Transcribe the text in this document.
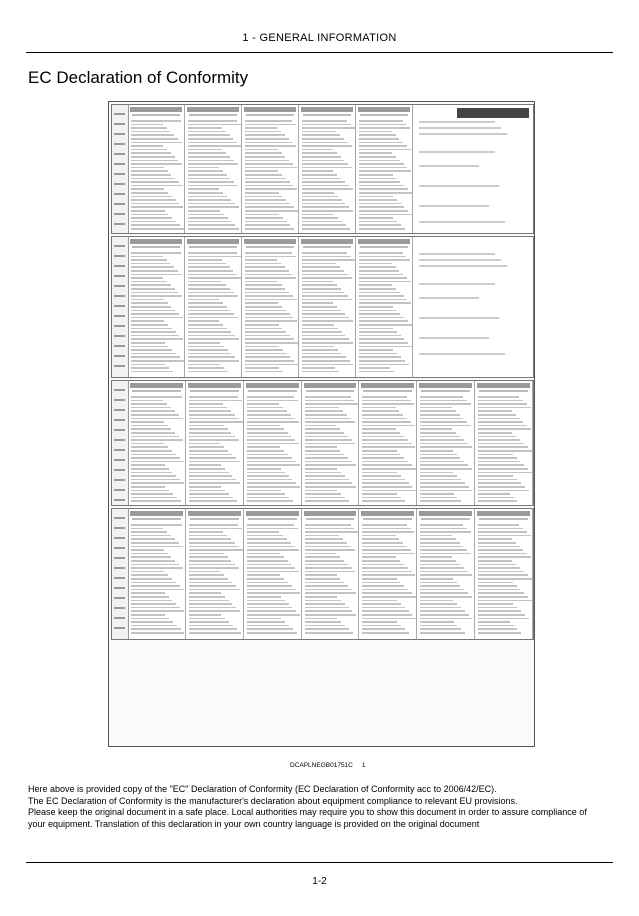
1 - GENERAL INFORMATION
EC Declaration of Conformity
DCAPLNEGB01751C 1

Here above is provided copy of the "EC" Declaration of Conformity (EC Declaration of Conformity acc to 2006/42/EC).

The EC Declaration of Conformity is the manufacturer's declaration about equipment compliance to relevant EU provisions.

Please keep the original document in a safe place. Local authorities may require you to show this document in order to assure compliance of your equipment. Translation of this declaration in your own country language is provided on the original document

1-2
